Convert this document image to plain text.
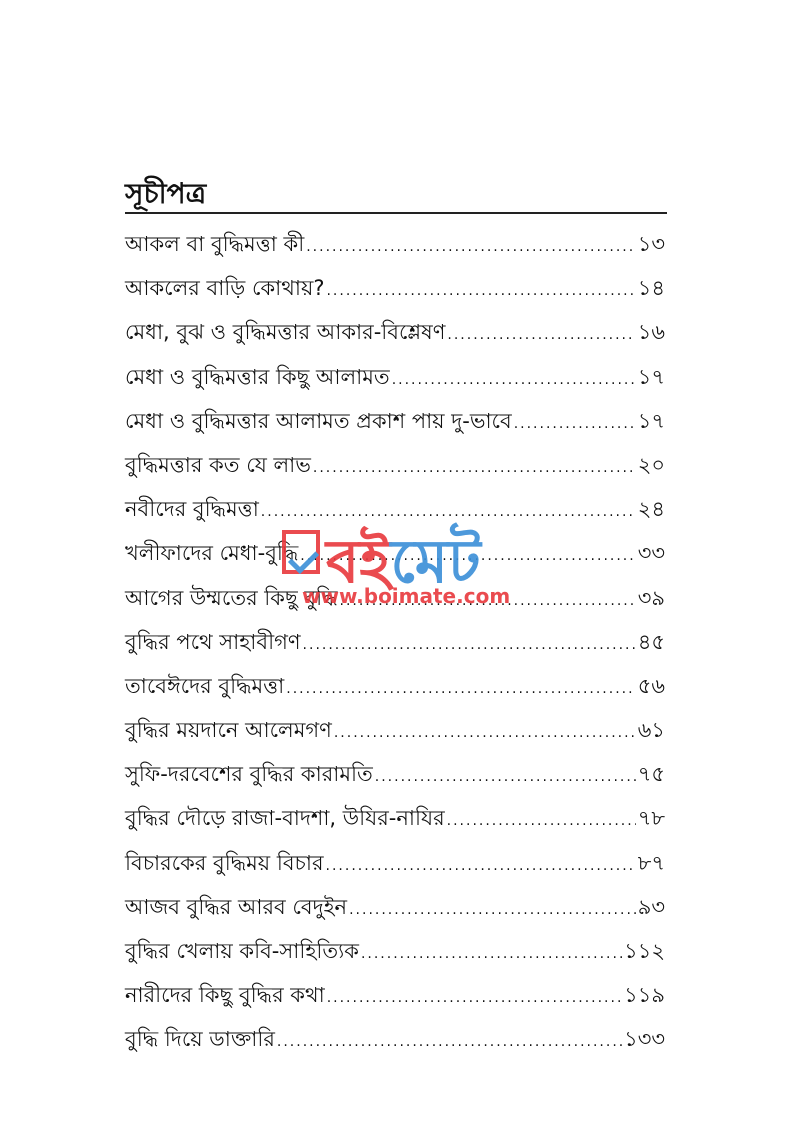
সূচীপত্র
আকল বা বুদ্ধিমত্তা কী .....	১৩
আকলের বাড়ি কোথায়? .....	১৪
মেধা, বুঝ ও বুদ্ধিমত্তার আকার-বিশ্লেষণ .....	১৬
মেধা ও বুদ্ধিমত্তার কিছু আলামত .....	১৭
মেধা ও বুদ্ধিমত্তার আলামত প্রকাশ পায় দু-ভাবে .....	১৭
বুদ্ধিমত্তার কত যে লাভ .....	২০
নবীদের বুদ্ধিমত্তা .....	২৪
খলীফাদের মেধা-বুদ্ধি .....	৩৩
আগের উম্মতের কিছু বুদ্ধি .....	৩৯
বুদ্ধির পথে সাহাবীগণ .....	৪৫
তাবেঈদের বুদ্ধিমত্তা .....	৫৬
বুদ্ধির ময়দানে আলেমগণ .....	৬১
সুফি-দরবেশের বুদ্ধির কারামতি .....	৭৫
বুদ্ধির দৌড়ে রাজা-বাদশা, উযির-নাযির .....	৭৮
বিচারকের বুদ্ধিময় বিচার .....	৮৭
আজব বুদ্ধির আরব বেদুইন .....	৯৩
বুদ্ধির খেলায় কবি-সাহিত্যিক .....	১১২
নারীদের কিছু বুদ্ধির কথা .....	১১৯
বুদ্ধি দিয়ে ডাক্তারি .....	১৩৩
বইমেট
www.boimate.com
